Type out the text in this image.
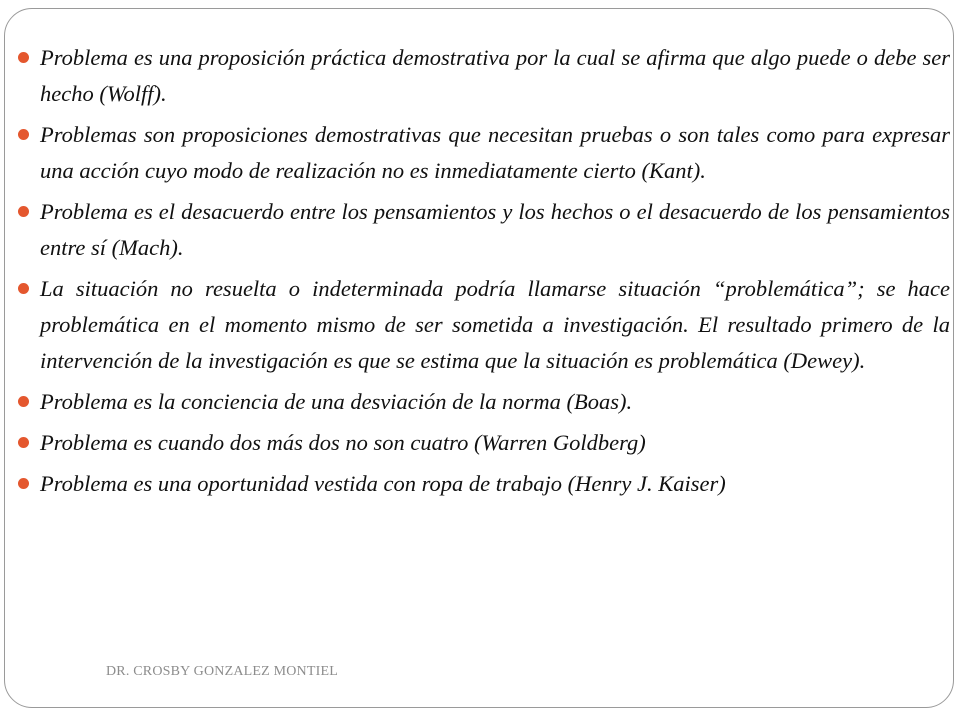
Problema es una proposición práctica demostrativa por la cual se afirma que algo puede o debe ser hecho (Wolff).
Problemas son proposiciones demostrativas que necesitan pruebas o son tales como para expresar una acción cuyo modo de realización no es inmediatamente cierto (Kant).
Problema es el desacuerdo entre los pensamientos y los hechos o el desacuerdo de los pensamientos entre sí (Mach).
La situación no resuelta o indeterminada podría llamarse situación “problemática”; se hace problemática en el momento mismo de ser sometida a investigación. El resultado primero de la intervención de la investigación es que se estima que la situación es problemática (Dewey).
Problema es la conciencia de una desviación de la norma (Boas).
Problema es cuando dos más dos no son cuatro (Warren Goldberg)
Problema es una oportunidad vestida con ropa de trabajo (Henry J. Kaiser)
DR. CROSBY GONZALEZ MONTIEL
